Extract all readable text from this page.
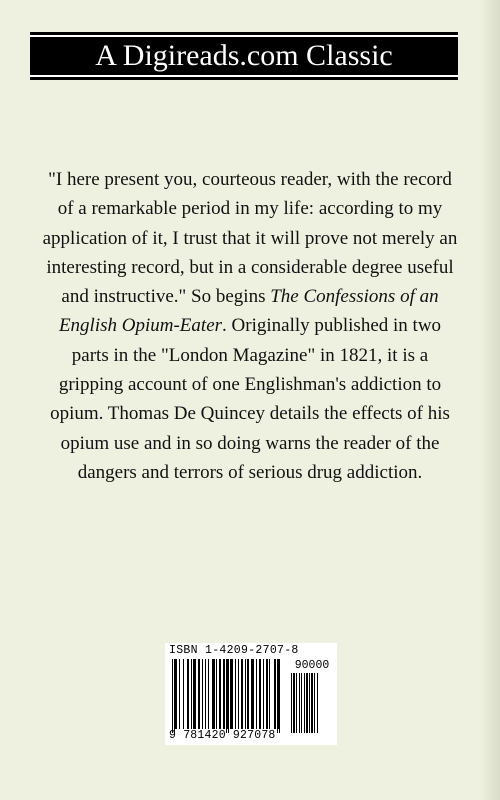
A Digireads.com Classic
"I here present you, courteous reader, with the record of a remarkable period in my life: according to my application of it, I trust that it will prove not merely an interesting record, but in a considerable degree useful and instructive." So begins The Confessions of an English Opium-Eater. Originally published in two parts in the "London Magazine" in 1821, it is a gripping account of one Englishman's addiction to opium. Thomas De Quincey details the effects of his opium use and in so doing warns the reader of the dangers and terrors of serious drug addiction.
ISBN 1-4209-2707-8
90000
9 781420 927078
